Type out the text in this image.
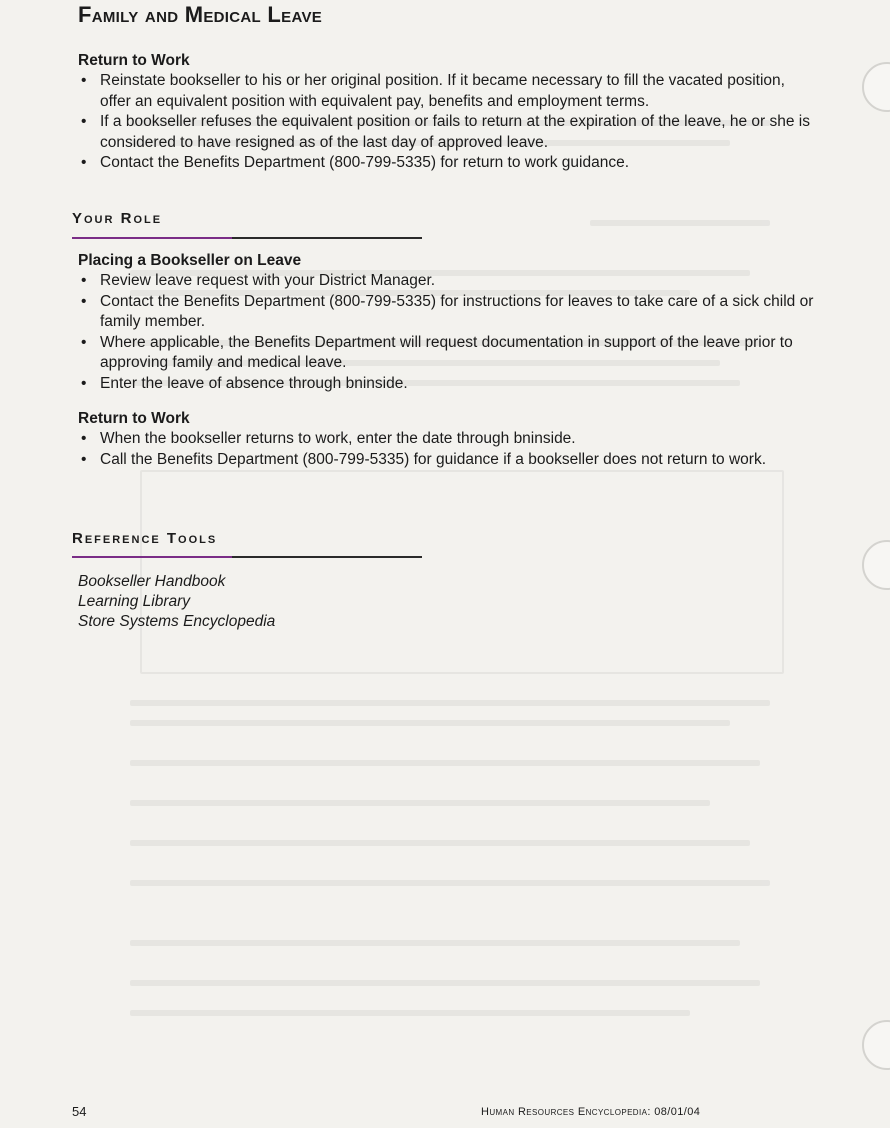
Family and Medical Leave

Return to Work

• Reinstate bookseller to his or her original position. If it became necessary to fill the vacated position, offer an equivalent position with equivalent pay, benefits and employment terms.
• If a bookseller refuses the equivalent position or fails to return at the expiration of the leave, he or she is considered to have resigned as of the last day of approved leave.
• Contact the Benefits Department (800-799-5335) for return to work guidance.
Your Role

Placing a Bookseller on Leave

• Review leave request with your District Manager.
• Contact the Benefits Department (800-799-5335) for instructions for leaves to take care of a sick child or family member.
• Where applicable, the Benefits Department will request documentation in support of the leave prior to approving family and medical leave.
• Enter the leave of absence through bninside.

Return to Work

• When the bookseller returns to work, enter the date through bninside.
• Call the Benefits Department (800-799-5335) for guidance if a bookseller does not return to work.
Reference Tools
Bookseller Handbook
Learning Library
Store Systems Encyclopedia
54	Human Resources Encyclopedia: 08/01/04
